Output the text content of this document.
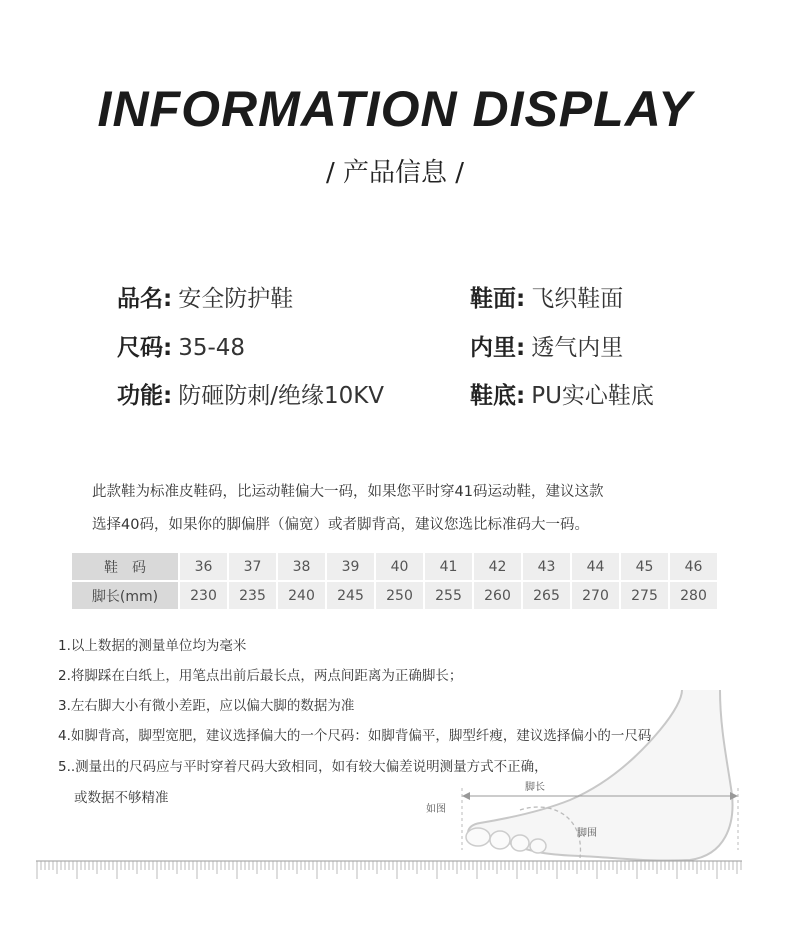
INFORMATION DISPLAY
/ 产品信息 /
品名: 安全防护鞋
尺码: 35-48
功能: 防砸防刺/绝缘10KV
鞋面: 飞织鞋面
内里: 透气内里
鞋底: PU实心鞋底
此款鞋为标准皮鞋码，比运动鞋偏大一码，如果您平时穿41码运动鞋，建议这款
选择40码，如果你的脚偏胖（偏宽）或者脚背高，建议您选比标准码大一码。
鞋　码	36	37	38	39	40	41	42	43	44	45	46
脚长(mm)	230	235	240	245	250	255	260	265	270	275	280
1.以上数据的测量单位均为毫米
2.将脚踩在白纸上，用笔点出前后最长点，两点间距离为正确脚长；
3.左右脚大小有微小差距，应以偏大脚的数据为准
4.如脚背高，脚型宽肥，建议选择偏大的一个尺码：如脚背偏平，脚型纤瘦，建议选择偏小的一尺码
5..测量出的尺码应与平时穿着尺码大致相同，如有较大偏差说明测量方式不正确，
或数据不够精准
如图
脚长
脚围
